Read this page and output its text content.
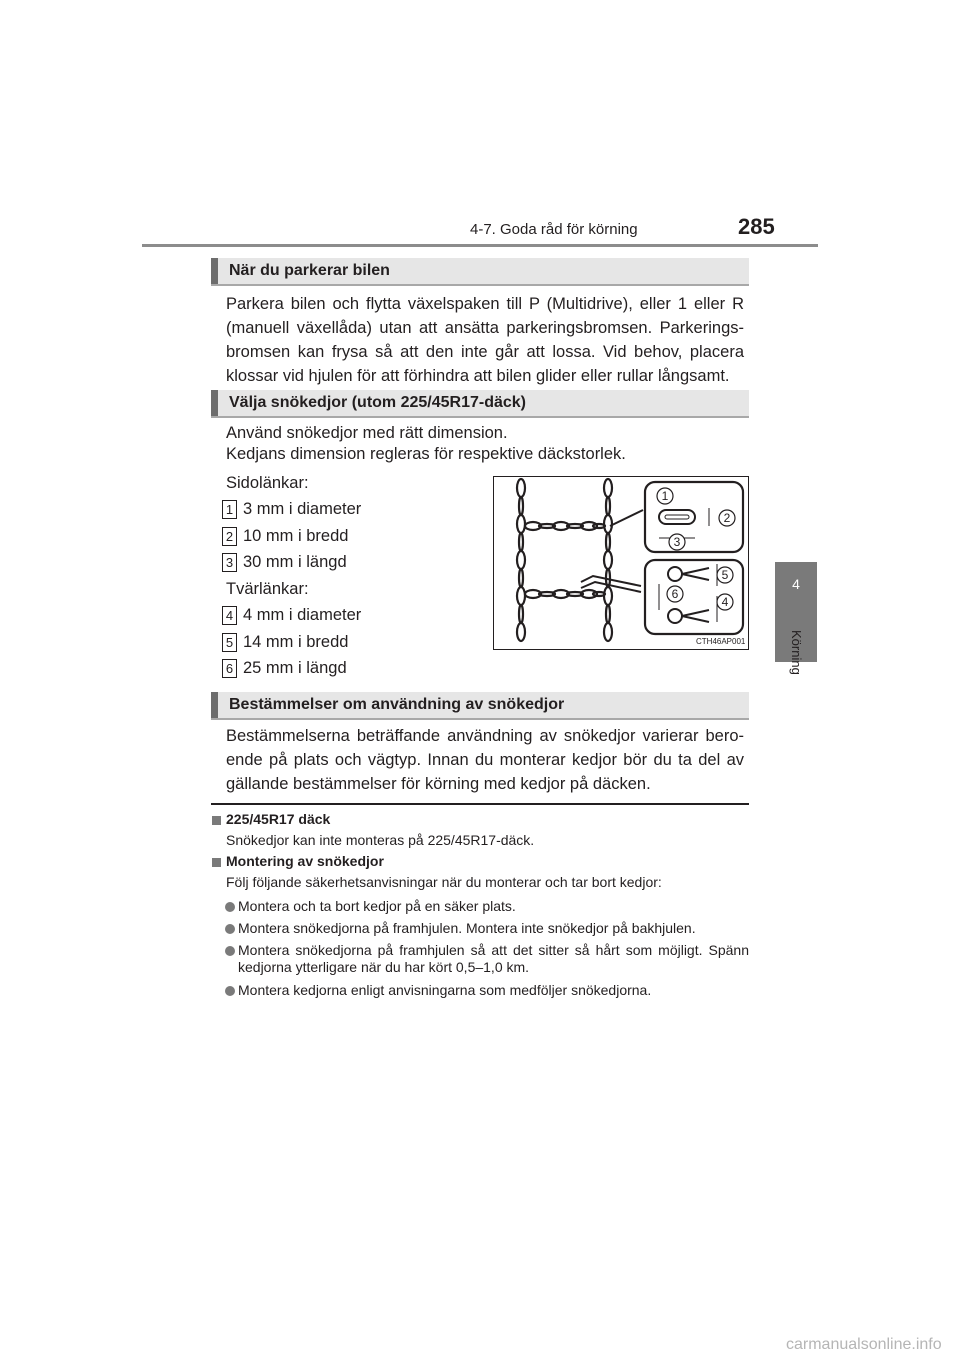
4-7. Goda råd för körning	285
4
Körning
När du parkerar bilen
Parkera bilen och flytta växelspaken till P (Multidrive), eller 1 eller R (manuell växellåda) utan att ansätta parkeringsbromsen. Parkerings-bromsen kan frysa så att den inte går att lossa. Vid behov, placera klossar vid hjulen för att förhindra att bilen glider eller rullar långsamt.
Välja snökedjor (utom 225/45R17-däck)
Använd snökedjor med rätt dimension.
Kedjans dimension regleras för respektive däckstorlek.
Sidolänkar:
1 3 mm i diameter
2 10 mm i bredd
3 30 mm i längd
Tvärlänkar:
4 4 mm i diameter
5 14 mm i bredd
6 25 mm i längd
1
2
3
4
5
6
CTH46AP001
Bestämmelser om användning av snökedjor
Bestämmelserna beträffande användning av snökedjor varierar bero-ende på plats och vägtyp. Innan du monterar kedjor bör du ta del av gällande bestämmelser för körning med kedjor på däcken.
225/45R17 däck
Snökedjor kan inte monteras på 225/45R17-däck.
Montering av snökedjor
Följ följande säkerhetsanvisningar när du monterar och tar bort kedjor:
Montera och ta bort kedjor på en säker plats.
Montera snökedjorna på framhjulen. Montera inte snökedjor på bakhjulen.
Montera snökedjorna på framhjulen så att det sitter så hårt som möjligt. Spänn kedjorna ytterligare när du har kört 0,5–1,0 km.
Montera kedjorna enligt anvisningarna som medföljer snökedjorna.
carmanualsonline.info
